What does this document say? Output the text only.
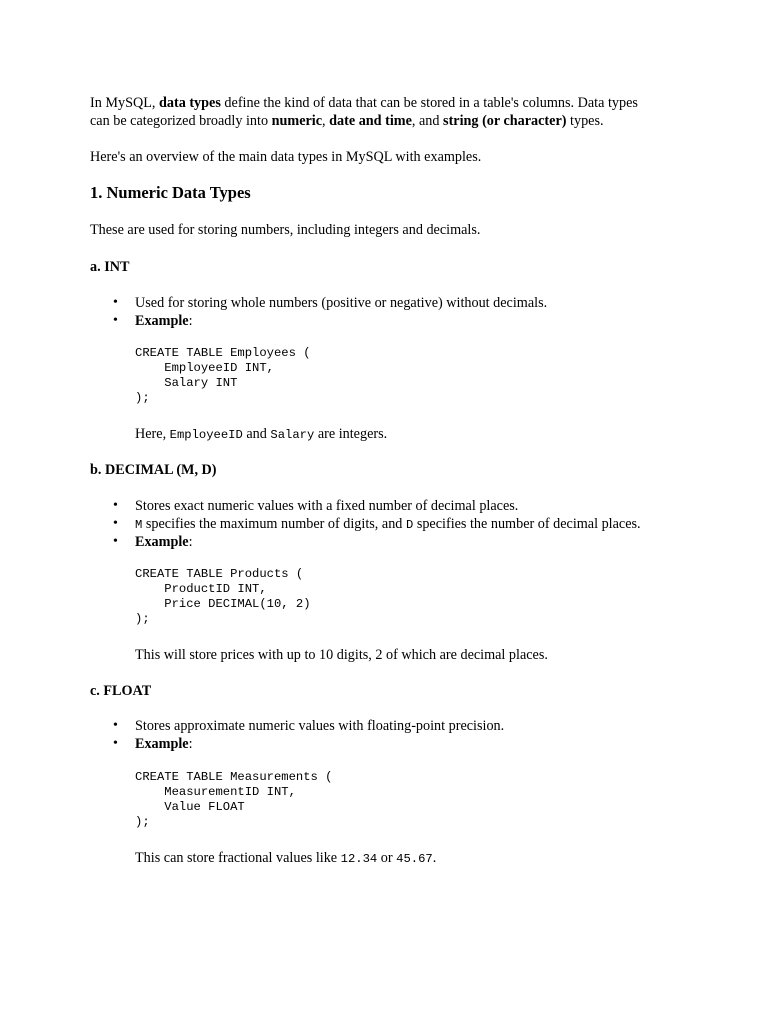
In MySQL, data types define the kind of data that can be stored in a table's columns. Data types
can be categorized broadly into numeric, date and time, and string (or character) types.
Here's an overview of the main data types in MySQL with examples.
1. Numeric Data Types
These are used for storing numbers, including integers and decimals.
a. INT
• Used for storing whole numbers (positive or negative) without decimals.
• Example:
CREATE TABLE Employees (
EmployeeID INT,
Salary INT
);
Here, EmployeeID and Salary are integers.
b. DECIMAL (M, D)
• Stores exact numeric values with a fixed number of decimal places.
• M specifies the maximum number of digits, and D specifies the number of decimal places.
• Example:
CREATE TABLE Products (
ProductID INT,
Price DECIMAL(10, 2)
);
This will store prices with up to 10 digits, 2 of which are decimal places.
c. FLOAT
• Stores approximate numeric values with floating-point precision.
• Example:
CREATE TABLE Measurements (
MeasurementID INT,
Value FLOAT
);
This can store fractional values like 12.34 or 45.67.
